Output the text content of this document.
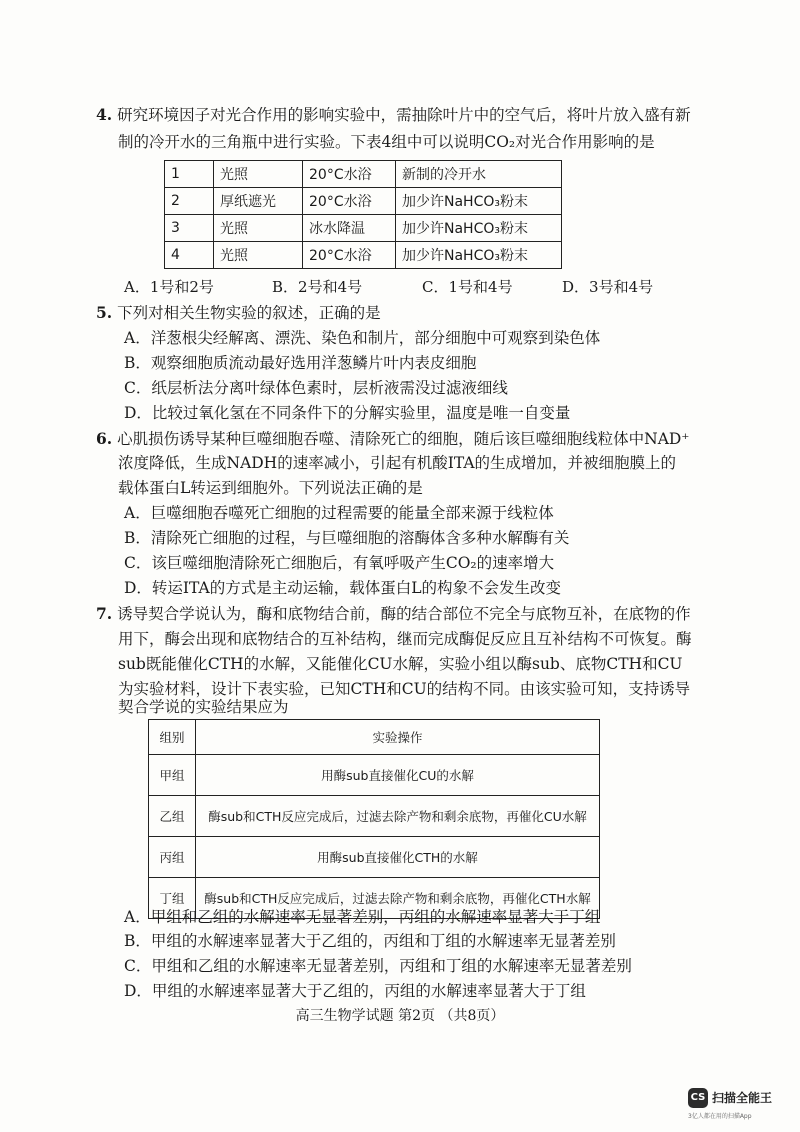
4. 研究环境因子对光合作用的影响实验中，需抽除叶片中的空气后，将叶片放入盛有新
制的冷开水的三角瓶中进行实验。下表4组中可以说明CO₂对光合作用影响的是
1	光照	20°C水浴	新制的冷开水
2	厚纸遮光	20°C水浴	加少许NaHCO₃粉末
3	光照	冰水降温	加少许NaHCO₃粉末
4	光照	20°C水浴	加少许NaHCO₃粉末
A．1号和2号	B．2号和4号	C．1号和4号	D．3号和4号
5. 下列对相关生物实验的叙述，正确的是
A．洋葱根尖经解离、漂洗、染色和制片，部分细胞中可观察到染色体
B．观察细胞质流动最好选用洋葱鳞片叶内表皮细胞
C．纸层析法分离叶绿体色素时，层析液需没过滤液细线
D．比较过氧化氢在不同条件下的分解实验里，温度是唯一自变量
6. 心肌损伤诱导某种巨噬细胞吞噬、清除死亡的细胞，随后该巨噬细胞线粒体中NAD⁺
浓度降低，生成NADH的速率减小，引起有机酸ITA的生成增加，并被细胞膜上的
载体蛋白L转运到细胞外。下列说法正确的是
A．巨噬细胞吞噬死亡细胞的过程需要的能量全部来源于线粒体
B．清除死亡细胞的过程，与巨噬细胞的溶酶体含多种水解酶有关
C．该巨噬细胞清除死亡细胞后，有氧呼吸产生CO₂的速率增大
D．转运ITA的方式是主动运输，载体蛋白L的构象不会发生改变
7. 诱导契合学说认为，酶和底物结合前，酶的结合部位不完全与底物互补，在底物的作
用下，酶会出现和底物结合的互补结构，继而完成酶促反应且互补结构不可恢复。酶
sub既能催化CTH的水解，又能催化CU水解，实验小组以酶sub、底物CTH和CU
为实验材料，设计下表实验，已知CTH和CU的结构不同。由该实验可知，支持诱导
契合学说的实验结果应为
组别	实验操作
甲组	用酶sub直接催化CU的水解
乙组	酶sub和CTH反应完成后，过滤去除产物和剩余底物，再催化CU水解
丙组	用酶sub直接催化CTH的水解
丁组	酶sub和CTH反应完成后，过滤去除产物和剩余底物，再催化CTH水解
A．甲组和乙组的水解速率无显著差别，丙组的水解速率显著大于丁组
B．甲组的水解速率显著大于乙组的，丙组和丁组的水解速率无显著差别
C．甲组和乙组的水解速率无显著差别，丙组和丁组的水解速率无显著差别
D．甲组的水解速率显著大于乙组的，丙组的水解速率显著大于丁组
高三生物学试题 第2页 （共8页）
CS 扫描全能王
3亿人都在用的扫描App
